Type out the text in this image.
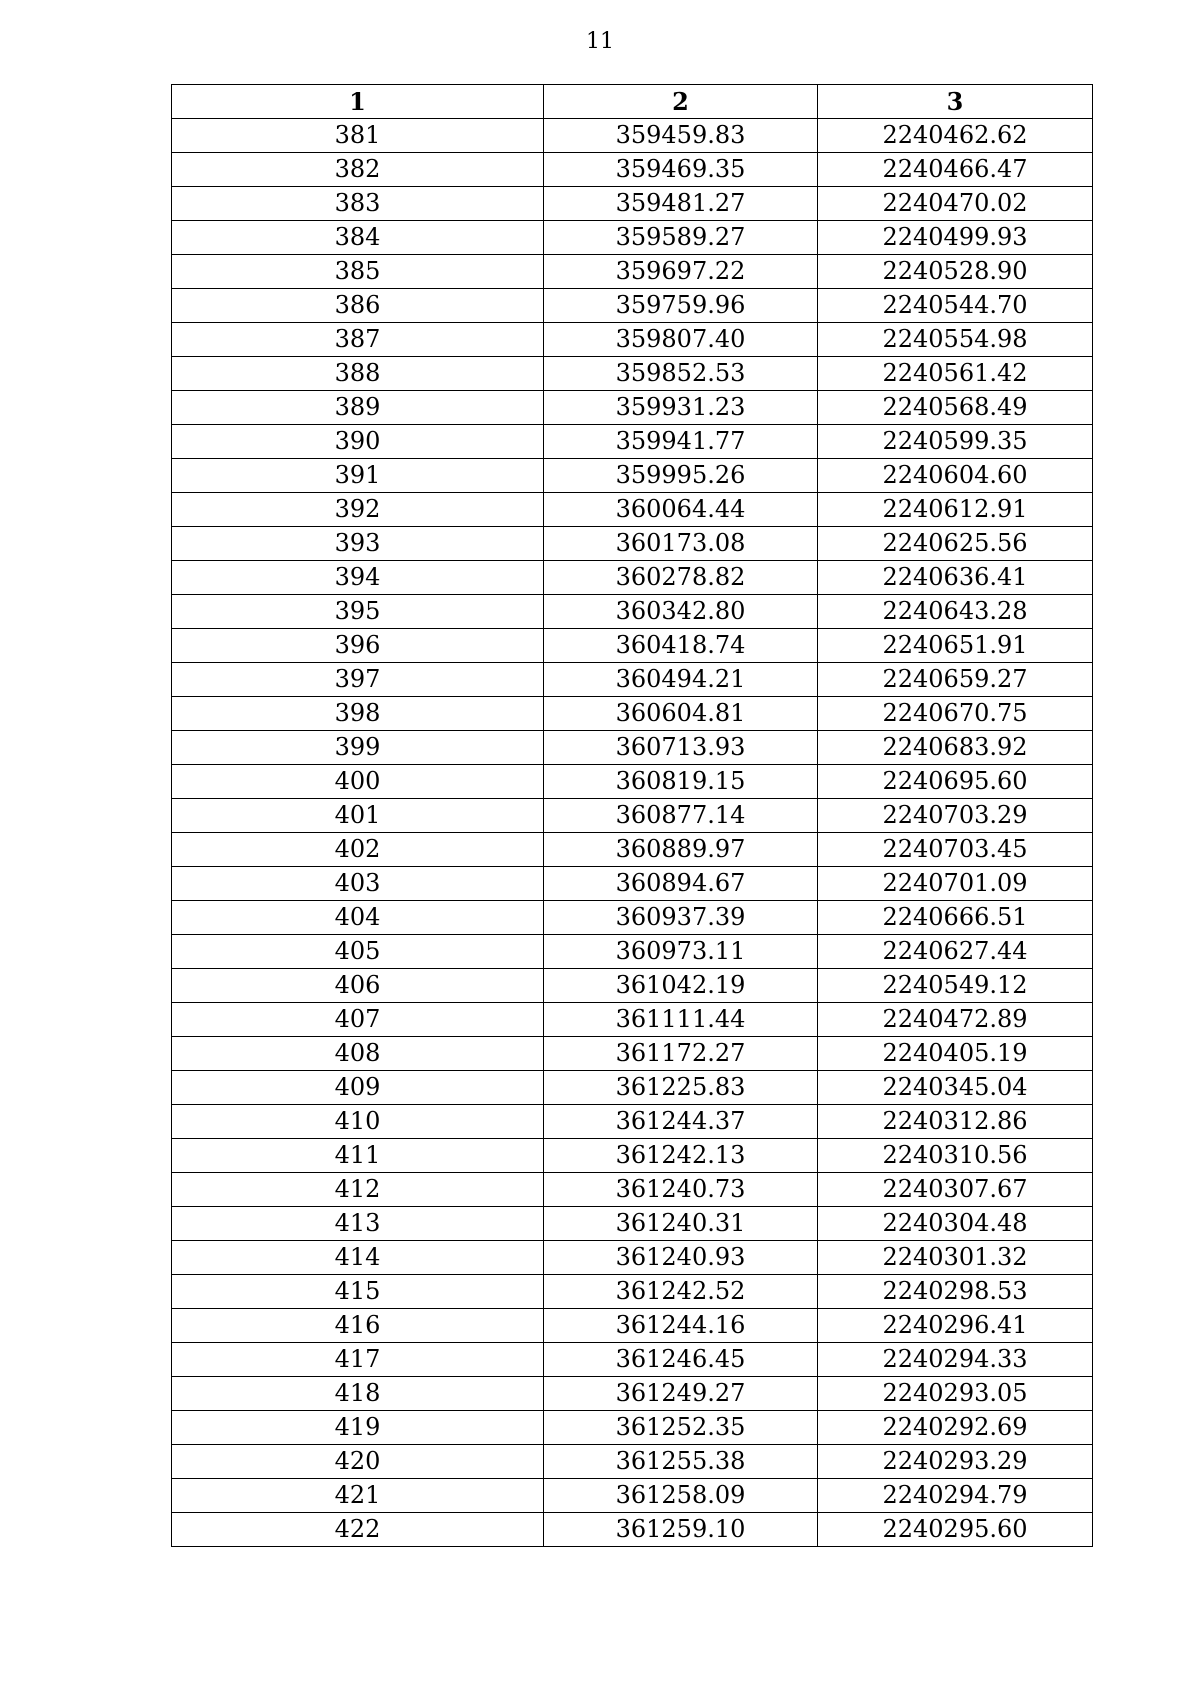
11
1	2	3
381	359459.83	2240462.62
382	359469.35	2240466.47
383	359481.27	2240470.02
384	359589.27	2240499.93
385	359697.22	2240528.90
386	359759.96	2240544.70
387	359807.40	2240554.98
388	359852.53	2240561.42
389	359931.23	2240568.49
390	359941.77	2240599.35
391	359995.26	2240604.60
392	360064.44	2240612.91
393	360173.08	2240625.56
394	360278.82	2240636.41
395	360342.80	2240643.28
396	360418.74	2240651.91
397	360494.21	2240659.27
398	360604.81	2240670.75
399	360713.93	2240683.92
400	360819.15	2240695.60
401	360877.14	2240703.29
402	360889.97	2240703.45
403	360894.67	2240701.09
404	360937.39	2240666.51
405	360973.11	2240627.44
406	361042.19	2240549.12
407	361111.44	2240472.89
408	361172.27	2240405.19
409	361225.83	2240345.04
410	361244.37	2240312.86
411	361242.13	2240310.56
412	361240.73	2240307.67
413	361240.31	2240304.48
414	361240.93	2240301.32
415	361242.52	2240298.53
416	361244.16	2240296.41
417	361246.45	2240294.33
418	361249.27	2240293.05
419	361252.35	2240292.69
420	361255.38	2240293.29
421	361258.09	2240294.79
422	361259.10	2240295.60
